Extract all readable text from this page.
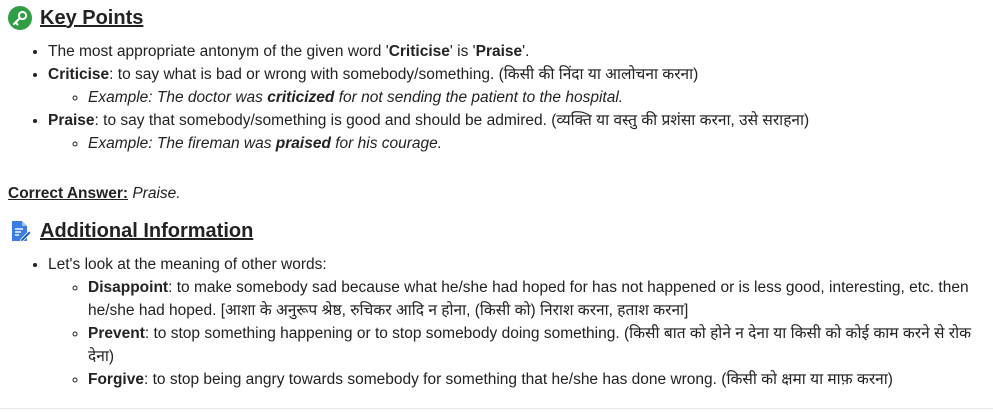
Key Points
• The most appropriate antonym of the given word 'Criticise' is 'Praise'.
• Criticise: to say what is bad or wrong with somebody/something. (किसी की निंदा या आलोचना करना)
◦ Example: The doctor was criticized for not sending the patient to the hospital.
• Praise: to say that somebody/something is good and should be admired. (व्यक्ति या वस्तु की प्रशंसा करना, उसे सराहना)
◦ Example: The fireman was praised for his courage.
Correct Answer: Praise.
Additional Information
• Let's look at the meaning of other words:
◦ Disappoint: to make somebody sad because what he/she had hoped for has not happened or is less good, interesting, etc. then he/she had hoped. [आशा के अनुरूप श्रेष्ठ, रुचिकर आदि न होना, (किसी को) निराश करना, हताश करना]
◦ Prevent: to stop something happening or to stop somebody doing something. (किसी बात को होने न देना या किसी को कोई काम करने से रोक देना)
◦ Forgive: to stop being angry towards somebody for something that he/she has done wrong. (किसी को क्षमा या माफ़ करना)
